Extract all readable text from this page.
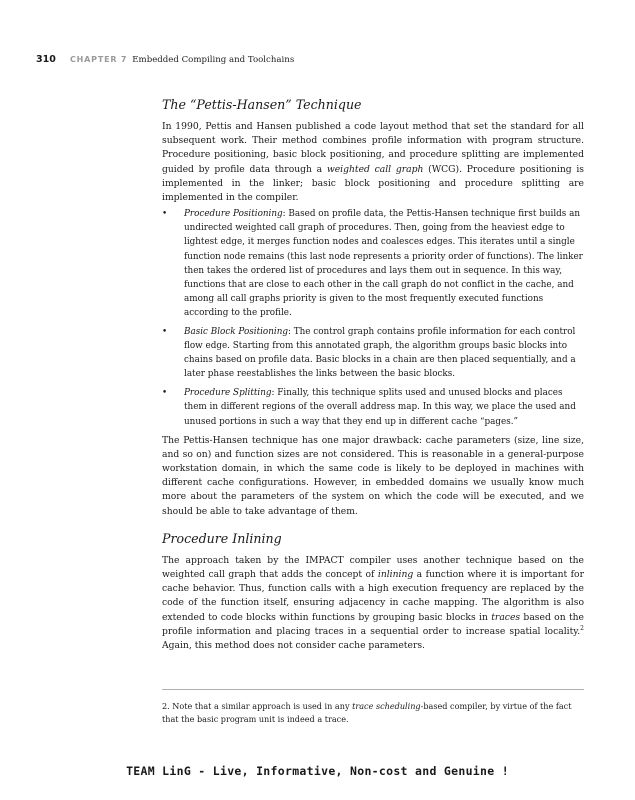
310 CHAPTER 7 Embedded Compiling and Toolchains
The “Pettis-Hansen” Technique

In 1990, Pettis and Hansen published a code layout method that set the standard for all subsequent work. Their method combines profile information with program structure. Procedure positioning, basic block positioning, and procedure splitting are implemented guided by profile data through a weighted call graph (WCG). Procedure positioning is implemented in the linker; basic block positioning and procedure splitting are implemented in the compiler.

• Procedure Positioning: Based on profile data, the Pettis-Hansen technique first builds an undirected weighted call graph of procedures. Then, going from the heaviest edge to lightest edge, it merges function nodes and coalesces edges. This iterates until a single function node remains (this last node represents a priority order of functions). The linker then takes the ordered list of procedures and lays them out in sequence. In this way, functions that are close to each other in the call graph do not conflict in the cache, and among all call graphs priority is given to the most frequently executed functions according to the profile.
• Basic Block Positioning: The control graph contains profile information for each control flow edge. Starting from this annotated graph, the algorithm groups basic blocks into chains based on profile data. Basic blocks in a chain are then placed sequentially, and a later phase reestablishes the links between the basic blocks.
• Procedure Splitting: Finally, this technique splits used and unused blocks and places them in different regions of the overall address map. In this way, we place the used and unused portions in such a way that they end up in different cache “pages.”

The Pettis-Hansen technique has one major drawback: cache parameters (size, line size, and so on) and function sizes are not considered. This is reasonable in a general-purpose workstation domain, in which the same code is likely to be deployed in machines with different cache configurations. However, in embedded domains we usually know much more about the parameters of the system on which the code will be executed, and we should be able to take advantage of them.

Procedure Inlining

The approach taken by the IMPACT compiler uses another technique based on the weighted call graph that adds the concept of inlining a function where it is important for cache behavior. Thus, function calls with a high execution frequency are replaced by the code of the function itself, ensuring adjacency in cache mapping. The algorithm is also extended to code blocks within functions by grouping basic blocks in traces based on the profile information and placing traces in a sequential order to increase spatial locality.$^2$ Again, this method does not consider cache parameters.

2. Note that a similar approach is used in any trace scheduling-based compiler, by virtue of the fact that the basic program unit is indeed a trace.
TEAM LinG - Live, Informative, Non-cost and Genuine !
